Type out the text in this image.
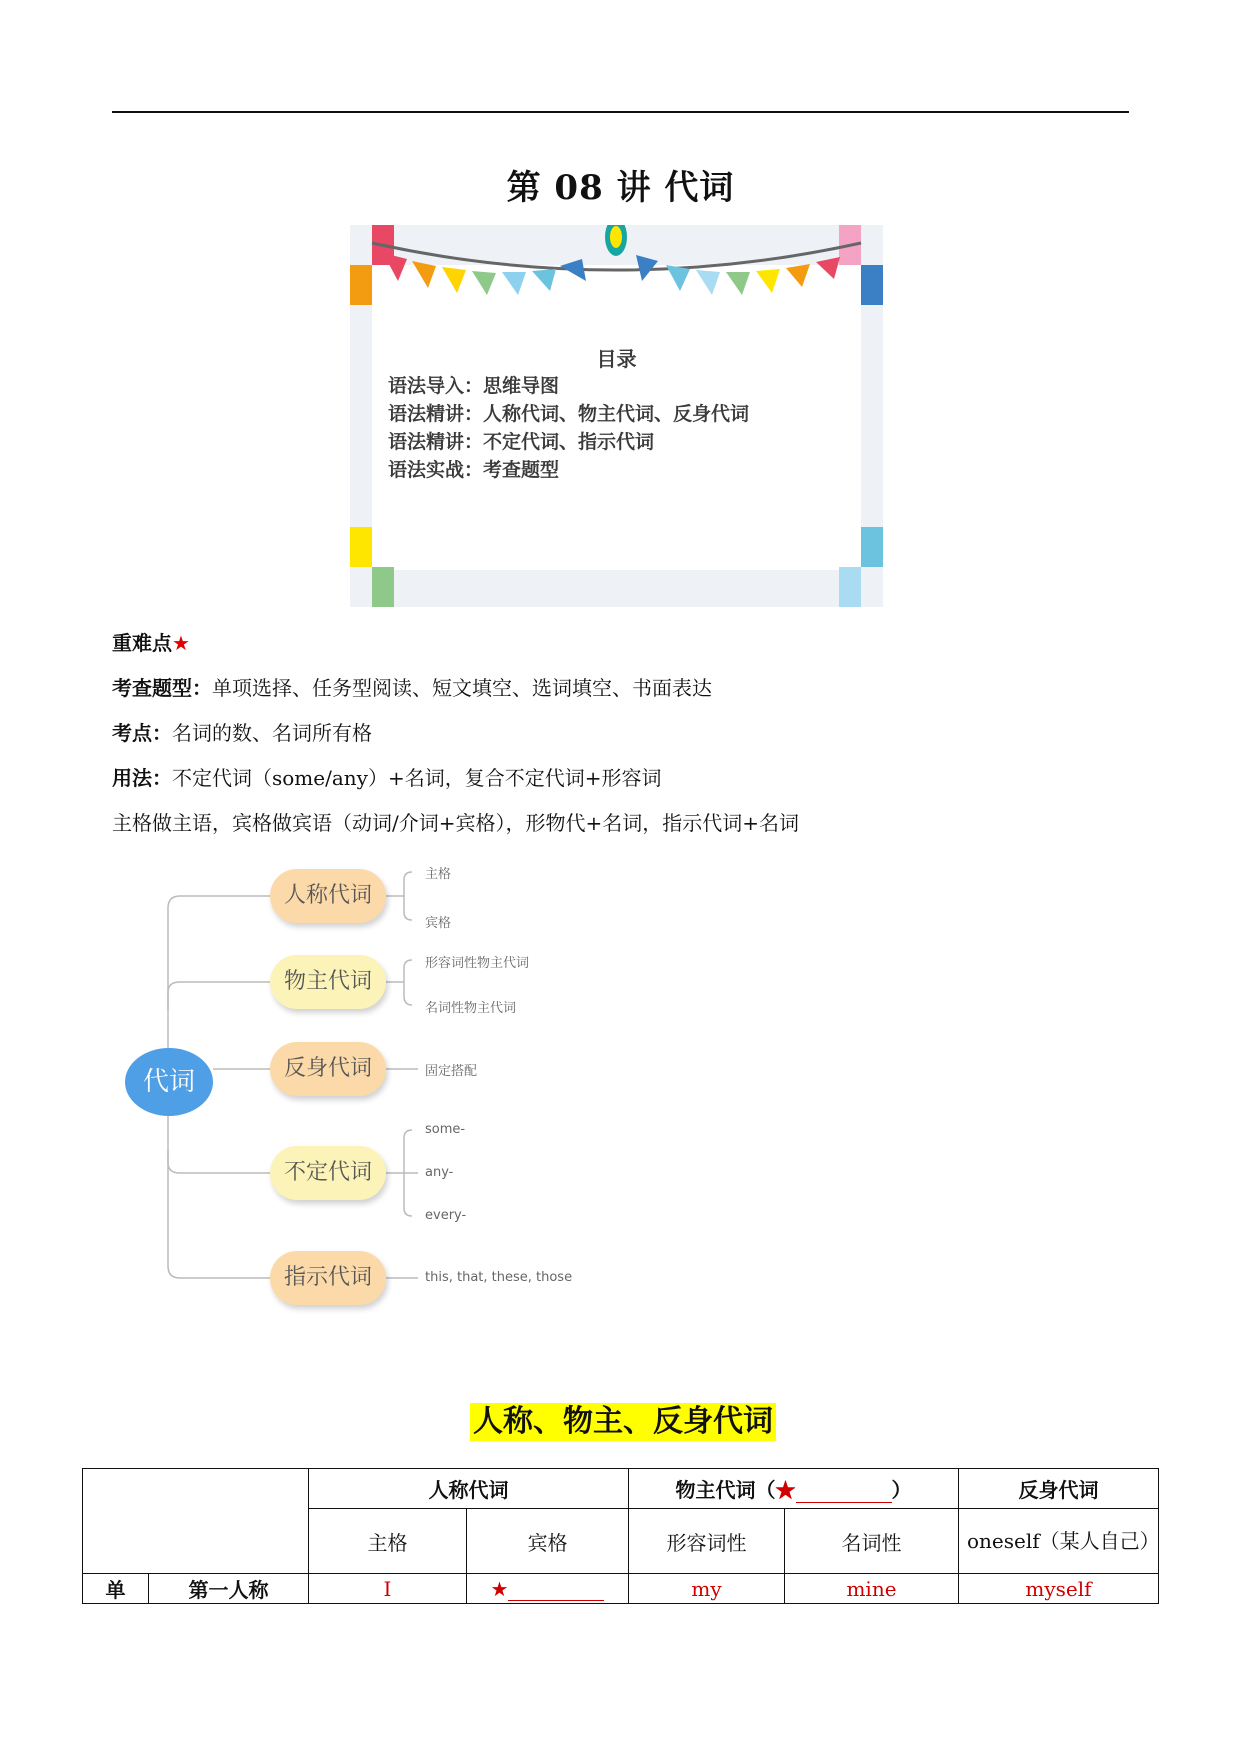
第 08 讲 代词
目录
语法导入：思维导图
语法精讲：人称代词、物主代词、反身代词
语法精讲：不定代词、指示代词
语法实战：考查题型
重难点★
考查题型：单项选择、任务型阅读、短文填空、选词填空、书面表达
考点：名词的数、名词所有格
用法：不定代词（some/any）+名词，复合不定代词+形容词
主格做主语，宾格做宾语（动词/介词+宾格），形物代+名词，指示代词+名词
代词
人称代词
物主代词
反身代词
不定代词
指示代词
主格
宾格
形容词性物主代词
名词性物主代词
固定搭配
some-
any-
every-
this, that, these, those
人称、物主、反身代词
		人称代词		物主代词（★ ）		反身代词
		主格	宾格	形容词性	名词性	oneself（某人自己）
单	第一人称	I	★	my	mine	myself
